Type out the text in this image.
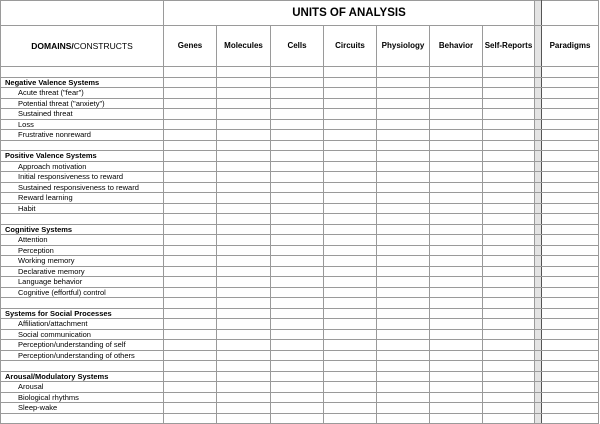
	UNITS OF ANALYSIS								
DOMAINS/CONSTRUCTS	Genes	Molecules	Cells	Circuits	Physiology	Behavior	Self-Reports		Paradigms

Negative Valence Systems									
Acute threat ("fear")									
Potential threat ("anxiety")									
Sustained threat									
Loss									
Frustrative nonreward									

Positive Valence Systems									
Approach motivation									
Initial responsiveness to reward									
Sustained responsiveness to reward									
Reward learning									
Habit									

Cognitive Systems									
Attention									
Perception									
Working memory									
Declarative memory									
Language behavior									
Cognitive (effortful) control									

Systems for Social Processes									
Affiliation/attachment									
Social communication									
Perception/understanding of self									
Perception/understanding of others									

Arousal/Modulatory Systems									
Arousal									
Biological rhythms									
Sleep-wake									
